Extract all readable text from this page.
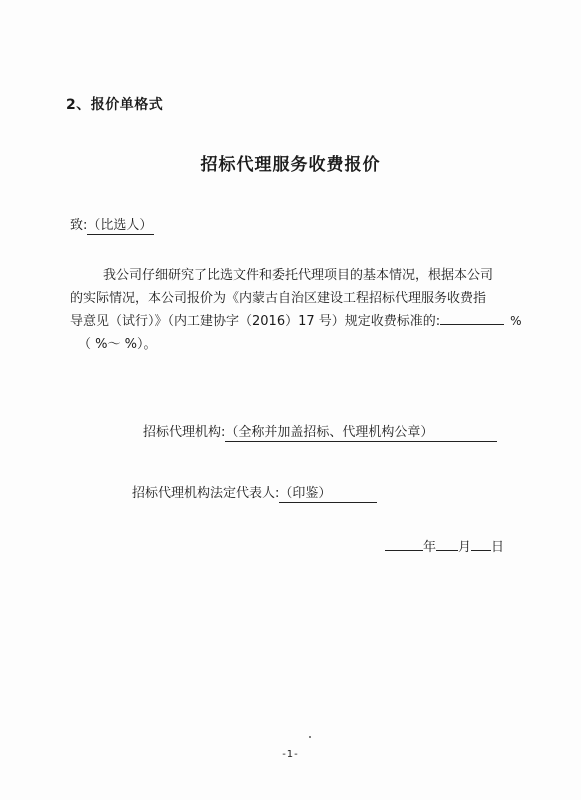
2、报价单格式
招标代理服务收费报价
致:（比选人）
我公司仔细研究了比选文件和委托代理项目的基本情况，根据本公司
的实际情况，本公司报价为《内蒙古自治区建设工程招标代理服务收费指
导意见（试行）》（内工建协字（2016）17 号）规定收费标准的:	%
（ %～ %）。
招标代理机构:（全称并加盖招标、代理机构公章）
招标代理机构法定代表人:（印鉴）
年 月 日
-1-
